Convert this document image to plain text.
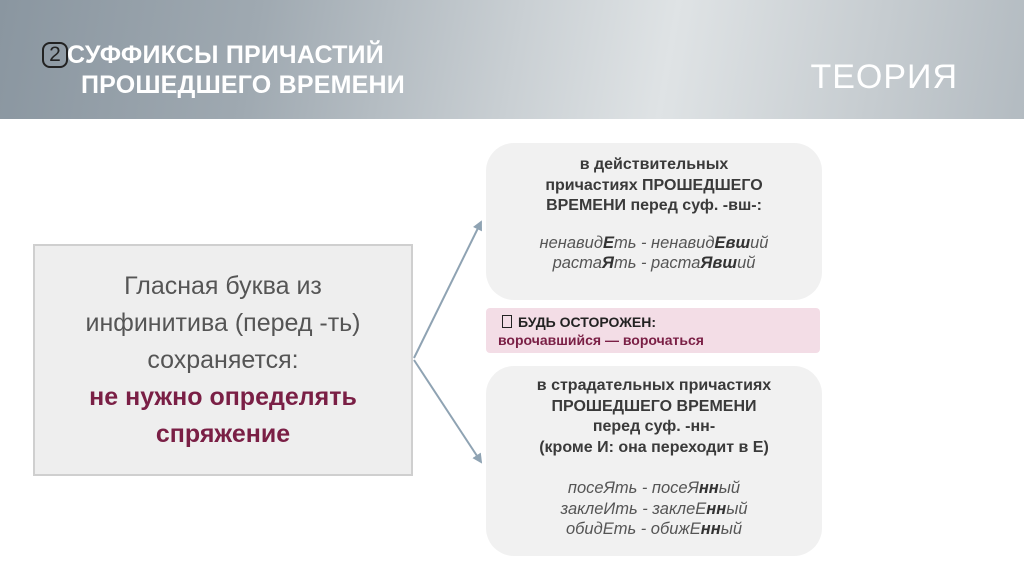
2 СУФФИКСЫ ПРИЧАСТИЙ
ПРОШЕДШЕГО ВРЕМЕНИ	ТЕОРИЯ
Гласная буква из
инфинитива (перед -ть)
сохраняется:
не нужно определять
спряжение
в действительных
причастиях ПРОШЕДШЕГО
ВРЕМЕНИ перед суф. -вш-:
ненавидЕть - ненавидЕвший
растаЯть - растаЯвший
БУДЬ ОСТОРОЖЕН:
ворочавшийся — ворочаться
в страдательных причастиях
ПРОШЕДШЕГО ВРЕМЕНИ
перед суф. -нн-
(кроме И: она переходит в Е)
посеЯть - посеЯнный
заклеИть - заклеЕнный
обидЕть - обижЕнный
